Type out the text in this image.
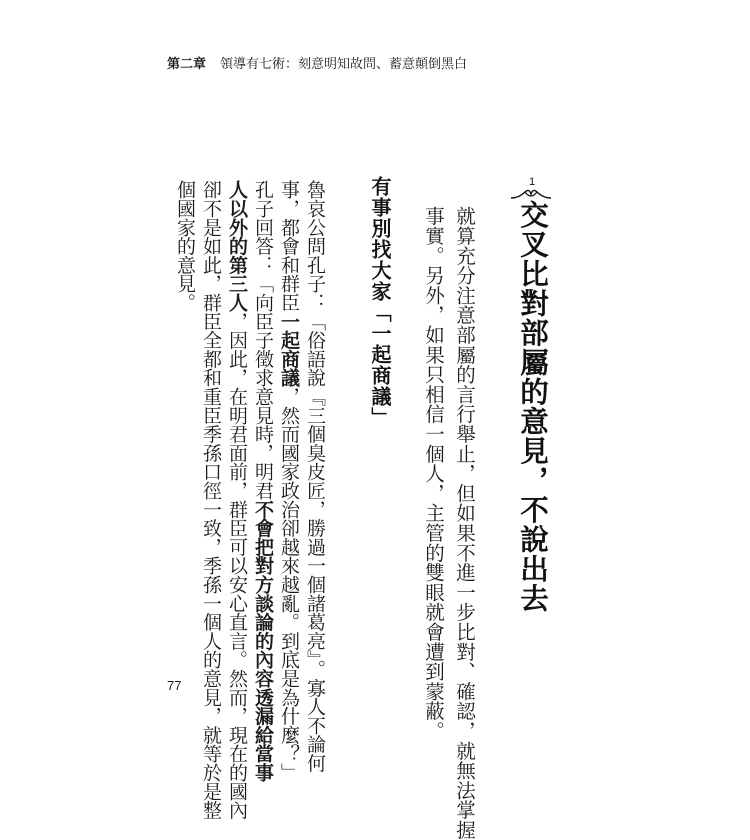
第二章 領導有七術：刻意明知故問、蓄意顛倒黑白
1
交叉比對部屬的意見，不說出去
就算充分注意部屬的言行舉止，但如果不進一步比對、確認，就無法掌握
事實。另外，如果只相信一個人，主管的雙眼就會遭到蒙蔽。
有事別找大家「一起商議」
魯哀公問孔子：「俗語說『三個臭皮匠，勝過一個諸葛亮』。寡人不論何
事，都會和群臣一起商議，然而國家政治卻越來越亂。到底是為什麼？」
孔子回答：「向臣子徵求意見時，明君不會把對方談論的內容透漏給當事
人以外的第三人，因此，在明君面前，群臣可以安心直言。然而，現在的國內
卻不是如此，群臣全都和重臣季孫口徑一致，季孫一個人的意見，就等於是整
個國家的意見。
77
